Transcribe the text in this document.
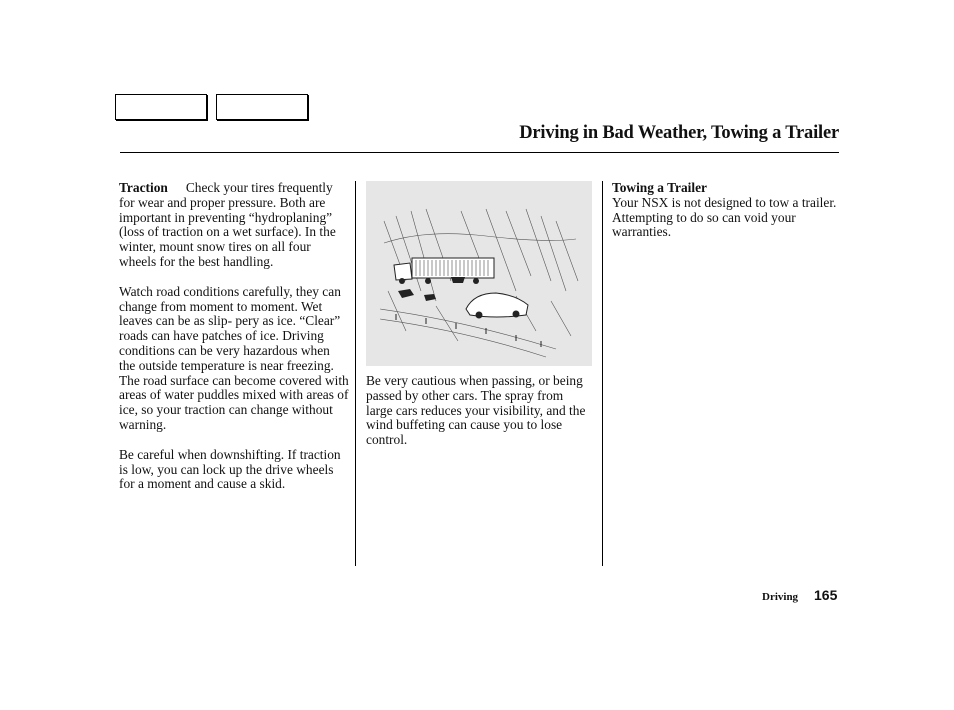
Driving in Bad Weather, Towing a Trailer

Traction Check your tires frequently for wear and proper pressure. Both are important in preventing “hydroplaning” (loss of traction on a wet surface). In the winter, mount snow tires on all four wheels for the best handling.

Watch road conditions carefully, they can change from moment to moment. Wet leaves can be as slip- pery as ice. “Clear” roads can have patches of ice. Driving conditions can be very hazardous when the outside temperature is near freezing. The road surface can become covered with areas of water puddles mixed with areas of ice, so your traction can change without warning.

Be careful when downshifting. If traction is low, you can lock up the drive wheels for a moment and cause a skid.

Be very cautious when passing, or being passed by other cars. The spray from large cars reduces your visibility, and the wind buffeting can cause you to lose control.

Towing a Trailer

Your NSX is not designed to tow a trailer. Attempting to do so can void your warranties.

Driving 165
